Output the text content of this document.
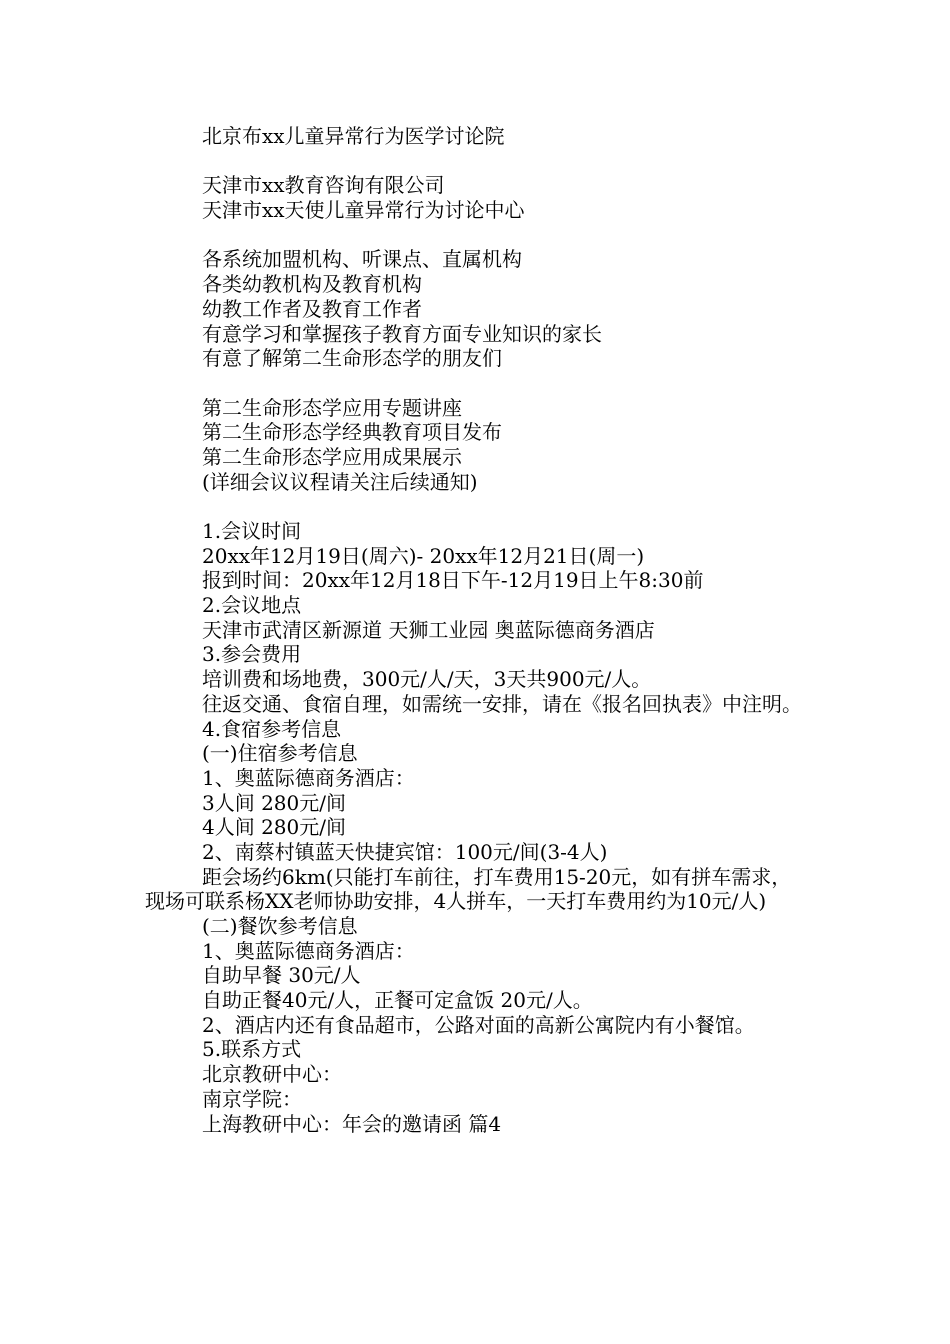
北京布xx儿童异常行为医学讨论院
天津市xx教育咨询有限公司
天津市xx天使儿童异常行为讨论中心
各系统加盟机构、听课点、直属机构
各类幼教机构及教育机构
幼教工作者及教育工作者
有意学习和掌握孩子教育方面专业知识的家长
有意了解第二生命形态学的朋友们
第二生命形态学应用专题讲座
第二生命形态学经典教育项目发布
第二生命形态学应用成果展示
(详细会议议程请关注后续通知)
1.会议时间
20xx年12月19日(周六)- 20xx年12月21日(周一)
报到时间：20xx年12月18日下午-12月19日上午8:30前
2.会议地点
天津市武清区新源道 天狮工业园 奥蓝际德商务酒店
3.参会费用
培训费和场地费，300元/人/天，3天共900元/人。
往返交通、食宿自理，如需统一安排，请在《报名回执表》中注明。
4.食宿参考信息
(一)住宿参考信息
1、奥蓝际德商务酒店：
3人间 280元/间
4人间 280元/间
2、南蔡村镇蓝天快捷宾馆：100元/间(3-4人)
距会场约6km(只能打车前往，打车费用15-20元，如有拼车需求，现场可联系杨XX老师协助安排，4人拼车，一天打车费用约为10元/人)
(二)餐饮参考信息
1、奥蓝际德商务酒店：
自助早餐 30元/人
自助正餐40元/人，正餐可定盒饭 20元/人。
2、酒店内还有食品超市，公路对面的高新公寓院内有小餐馆。
5.联系方式
北京教研中心：
南京学院：
上海教研中心：年会的邀请函 篇4
